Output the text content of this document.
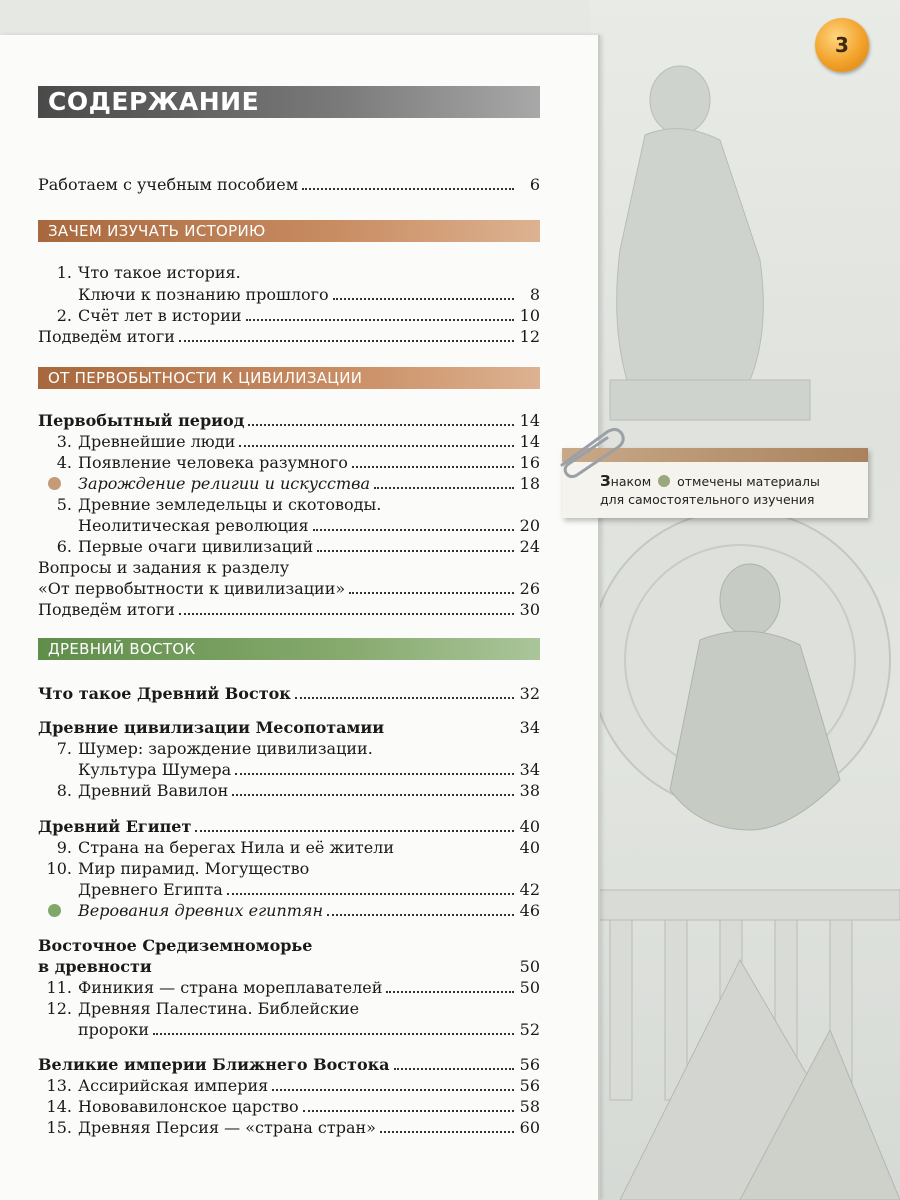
3
СОДЕРЖАНИЕ
ЗАЧЕМ ИЗУЧАТЬ ИСТОРИЮ
ОТ ПЕРВОБЫТНОСТИ К ЦИВИЛИЗАЦИИ
ДРЕВНИЙ ВОСТОК
Работаем с учебным пособием	6
1. Что такое история.
Ключи к познанию прошлого	8
2. Счёт лет в истории	10
Подведём итоги	12
Первобытный период	14
3. Древнейшие люди	14
4. Появление человека разумного	16
Зарождение религии и искусства	18
5. Древние земледельцы и скотоводы.
Неолитическая революция	20
6. Первые очаги цивилизаций	24
Вопросы и задания к разделу
«От первобытности к цивилизации»	26
Подведём итоги	30
Что такое Древний Восток	32
Древние цивилизации Месопотамии	34
7. Шумер: зарождение цивилизации.
Культура Шумера	34
8. Древний Вавилон	38
Древний Египет	40
9. Страна на берегах Нила и её жители	40
10. Мир пирамид. Могущество
Древнего Египта	42
Верования древних египтян	46
Восточное Средиземноморье
в древности	50
11. Финикия — страна мореплавателей	50
12. Древняя Палестина. Библейские
пророки	52
Великие империи Ближнего Востока	56
13. Ассирийская империя	56
14. Нововавилонское царство	58
15. Древняя Персия — «страна стран»	60
Знаком отмечены материалы
для самостоятельного изучения
